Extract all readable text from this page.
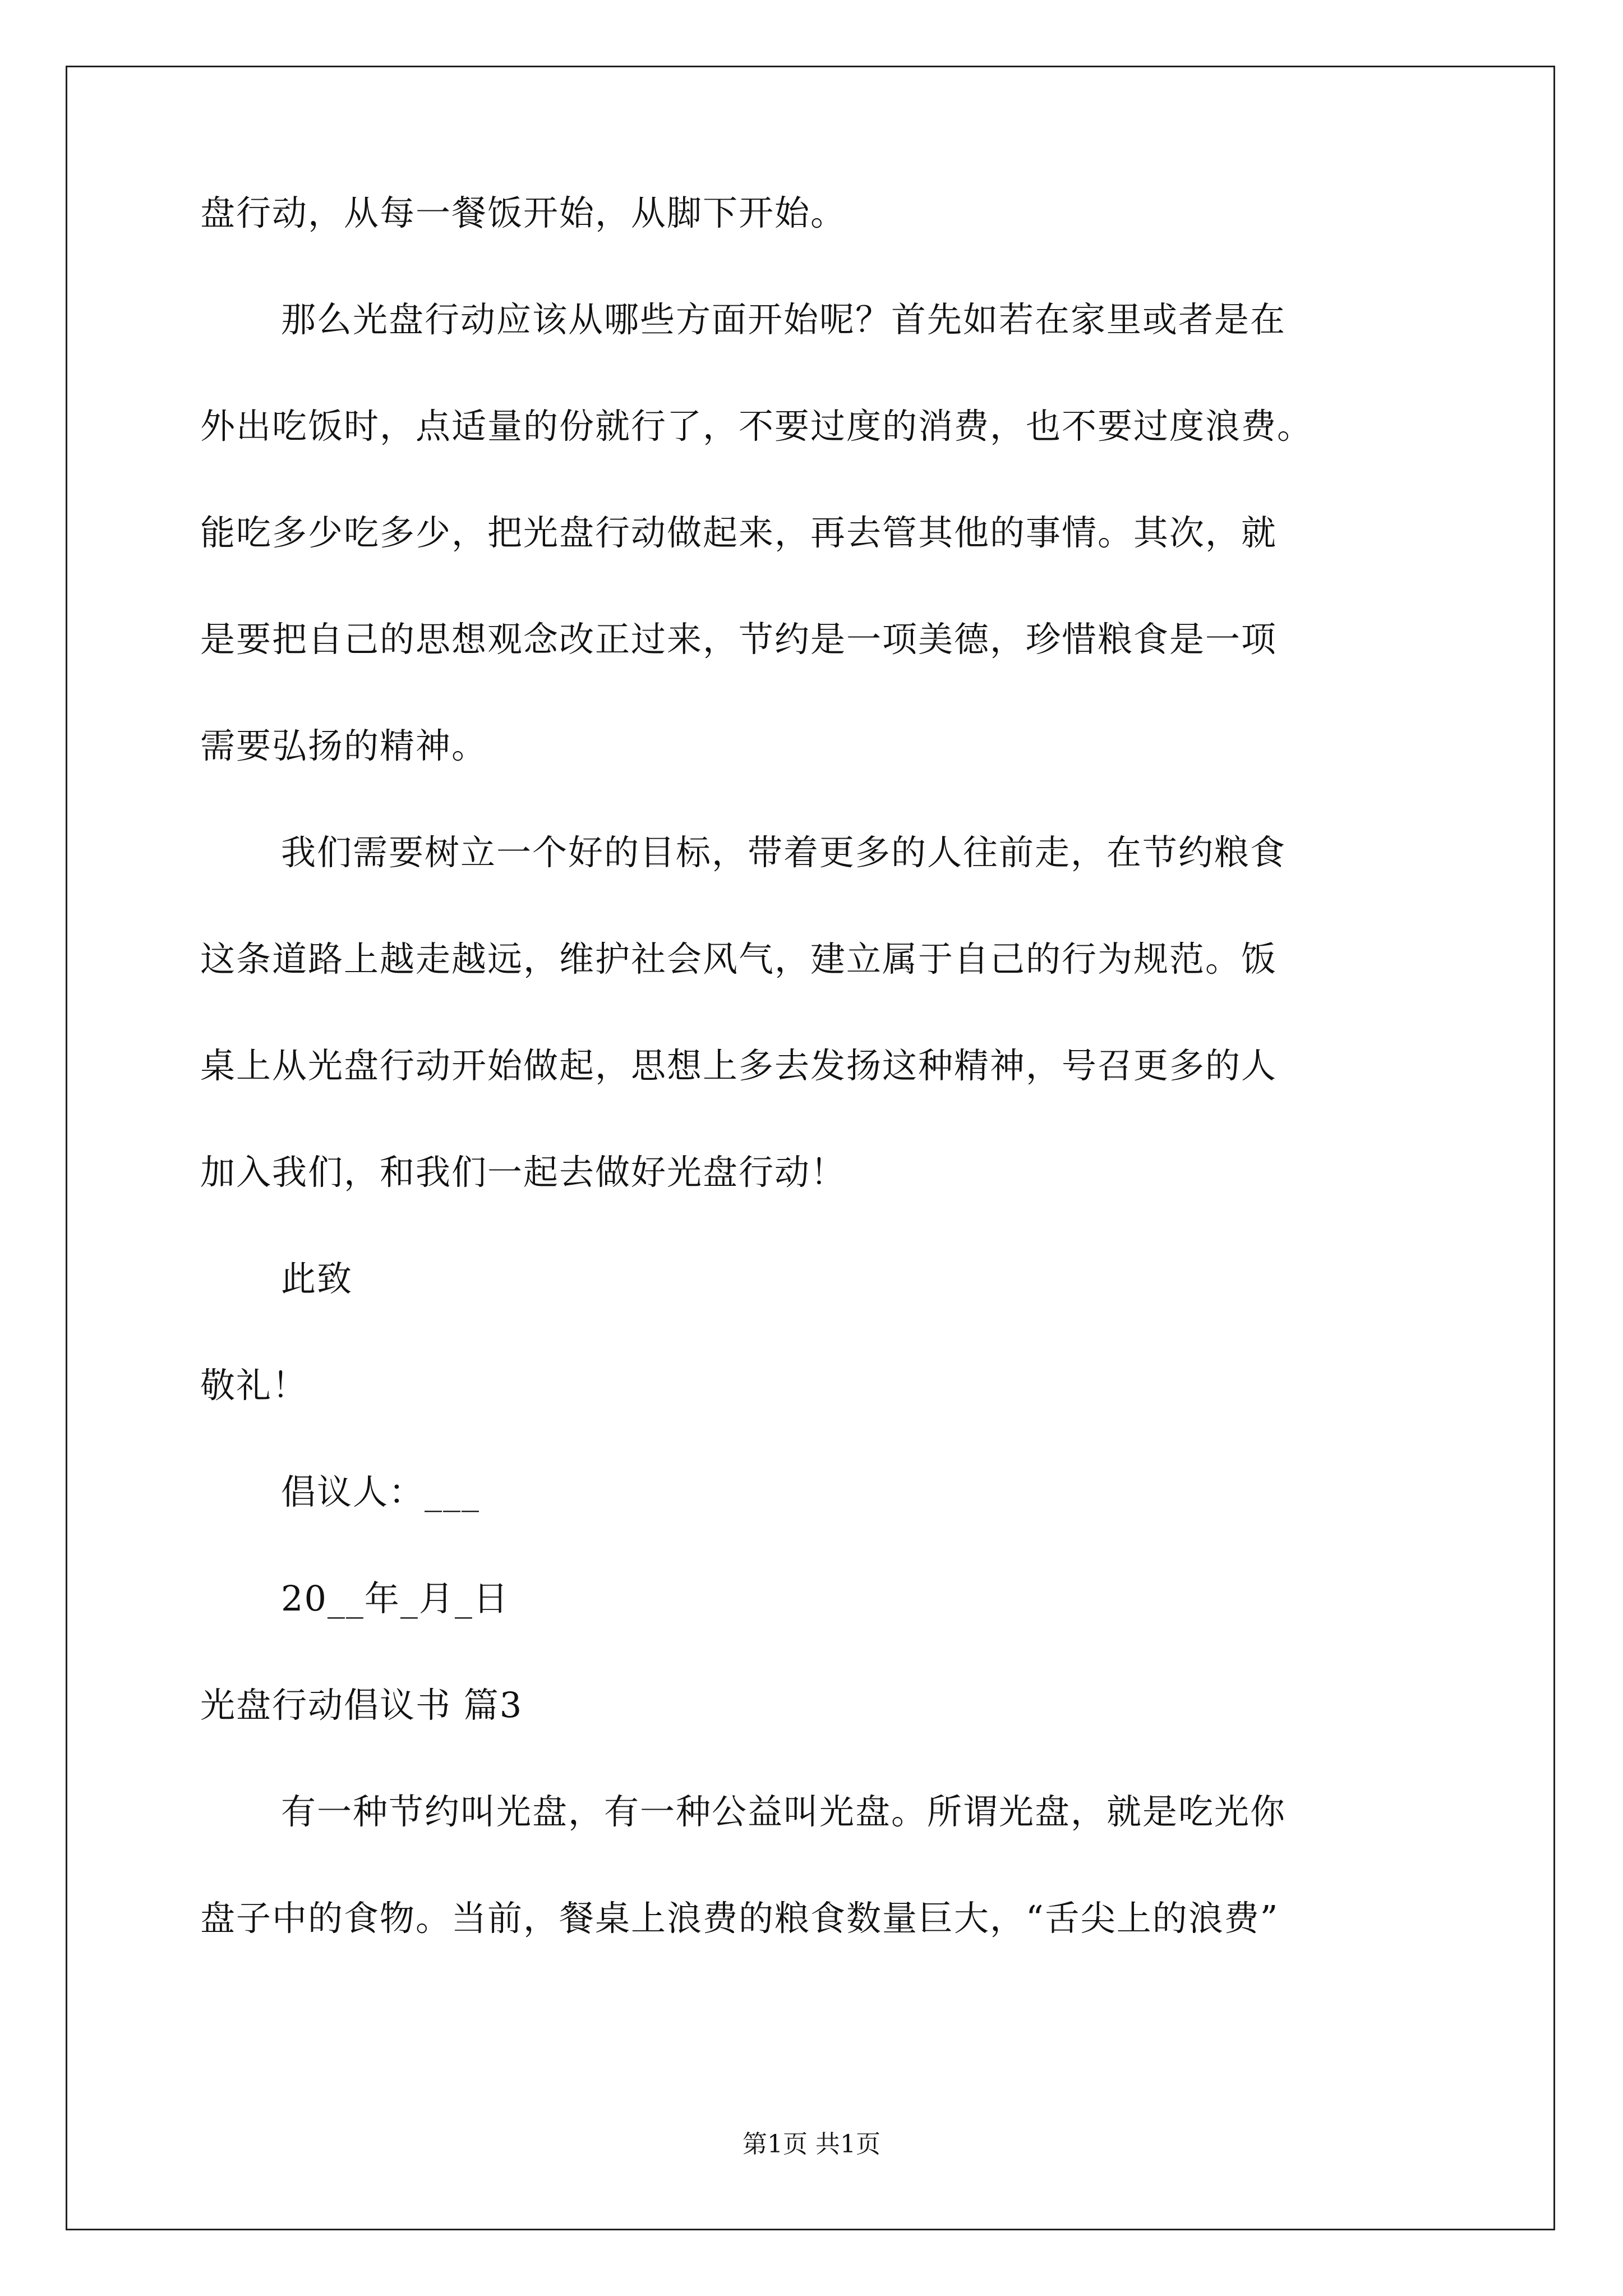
盘行动，从每一餐饭开始，从脚下开始。
那么光盘行动应该从哪些方面开始呢？首先如若在家里或者是在
外出吃饭时，点适量的份就行了，不要过度的消费，也不要过度浪费。
能吃多少吃多少，把光盘行动做起来，再去管其他的事情。其次，就
是要把自己的思想观念改正过来，节约是一项美德，珍惜粮食是一项
需要弘扬的精神。
我们需要树立一个好的目标，带着更多的人往前走，在节约粮食
这条道路上越走越远，维护社会风气，建立属于自己的行为规范。饭
桌上从光盘行动开始做起，思想上多去发扬这种精神，号召更多的人
加入我们，和我们一起去做好光盘行动！
此致
敬礼！
倡议人：___
20__年_月_日
光盘行动倡议书 篇3
有一种节约叫光盘，有一种公益叫光盘。所谓光盘，就是吃光你
盘子中的食物。当前，餐桌上浪费的粮食数量巨大，“舌尖上的浪费”
第1页 共1页
